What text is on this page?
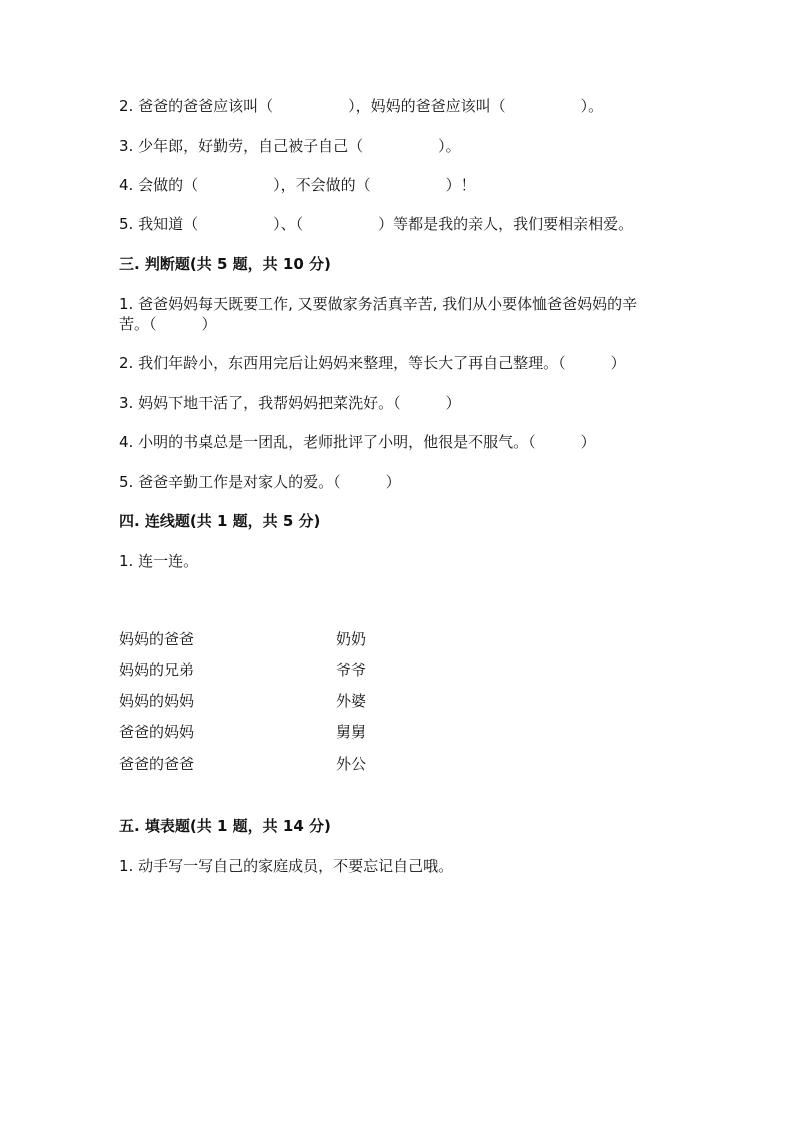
2. 爸爸的爸爸应该叫（　　　　　），妈妈的爸爸应该叫（　　　　　）。
3. 少年郎，好勤劳，自己被子自己（　　　　　）。
4. 会做的（　　　　　），不会做的（　　　　　）！
5. 我知道（　　　　　）、（　　　　　）等都是我的亲人，我们要相亲相爱。
三. 判断题(共 5 题，共 10 分)
1. 爸爸妈妈每天既要工作, 又要做家务活真辛苦, 我们从小要体恤爸爸妈妈的辛
苦。（　　　）
2. 我们年龄小，东西用完后让妈妈来整理，等长大了再自己整理。（　　　）
3. 妈妈下地干活了，我帮妈妈把菜洗好。（　　　）
4. 小明的书桌总是一团乱，老师批评了小明，他很是不服气。（　　　）
5. 爸爸辛勤工作是对家人的爱。（　　　）
四. 连线题(共 1 题，共 5 分)
1. 连一连。
妈妈的爸爸	奶奶
妈妈的兄弟	爷爷
妈妈的妈妈	外婆
爸爸的妈妈	舅舅
爸爸的爸爸	外公
五. 填表题(共 1 题，共 14 分)
1. 动手写一写自己的家庭成员，不要忘记自己哦。
